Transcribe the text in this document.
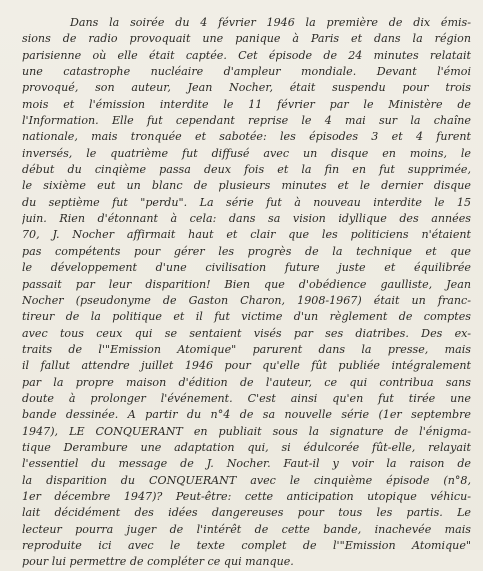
Dans la soirée du 4 février 1946 la première de dix émis-
sions de radio provoquait une panique à Paris et dans la région
parisienne où elle était captée. Cet épisode de 24 minutes relatait
une catastrophe nucléaire d'ampleur mondiale. Devant l'émoi
provoqué, son auteur, Jean Nocher, était suspendu pour trois
mois et l'émission interdite le 11 février par le Ministère de
l'Information. Elle fut cependant reprise le 4 mai sur la chaîne
nationale, mais tronquée et sabotée: les épisodes 3 et 4 furent
inversés, le quatrième fut diffusé avec un disque en moins, le
début du cinqième passa deux fois et la fin en fut supprimée,
le sixième eut un blanc de plusieurs minutes et le dernier disque
du septième fut "perdu". La série fut à nouveau interdite le 15
juin. Rien d'étonnant à cela: dans sa vision idyllique des années
70, J. Nocher affirmait haut et clair que les politiciens n'étaient
pas compétents pour gérer les progrès de la technique et que
le développement d'une civilisation future juste et équilibrée
passait par leur disparition! Bien que d'obédience gaulliste, Jean
Nocher (pseudonyme de Gaston Charon, 1908-1967) était un franc-
tireur de la politique et il fut victime d'un règlement de comptes
avec tous ceux qui se sentaient visés par ses diatribes. Des ex-
traits de l'"Emission Atomique" parurent dans la presse, mais
il fallut attendre juillet 1946 pour qu'elle fût publiée intégralement
par la propre maison d'édition de l'auteur, ce qui contribua sans
doute à prolonger l'événement. C'est ainsi qu'en fut tirée une
bande dessinée. A partir du n°4 de sa nouvelle série (1er septembre
1947), LE CONQUERANT en publiait sous la signature de l'énigma-
tique Derambure une adaptation qui, si édulcorée fût-elle, relayait
l'essentiel du message de J. Nocher. Faut-il y voir la raison de
la disparition du CONQUERANT avec le cinquième épisode (n°8,
1er décembre 1947)? Peut-être: cette anticipation utopique véhicu-
lait décidément des idées dangereuses pour tous les partis. Le
lecteur pourra juger de l'intérêt de cette bande, inachevée mais
reproduite ici avec le texte complet de l'"Emission Atomique"
pour lui permettre de compléter ce qui manque.
